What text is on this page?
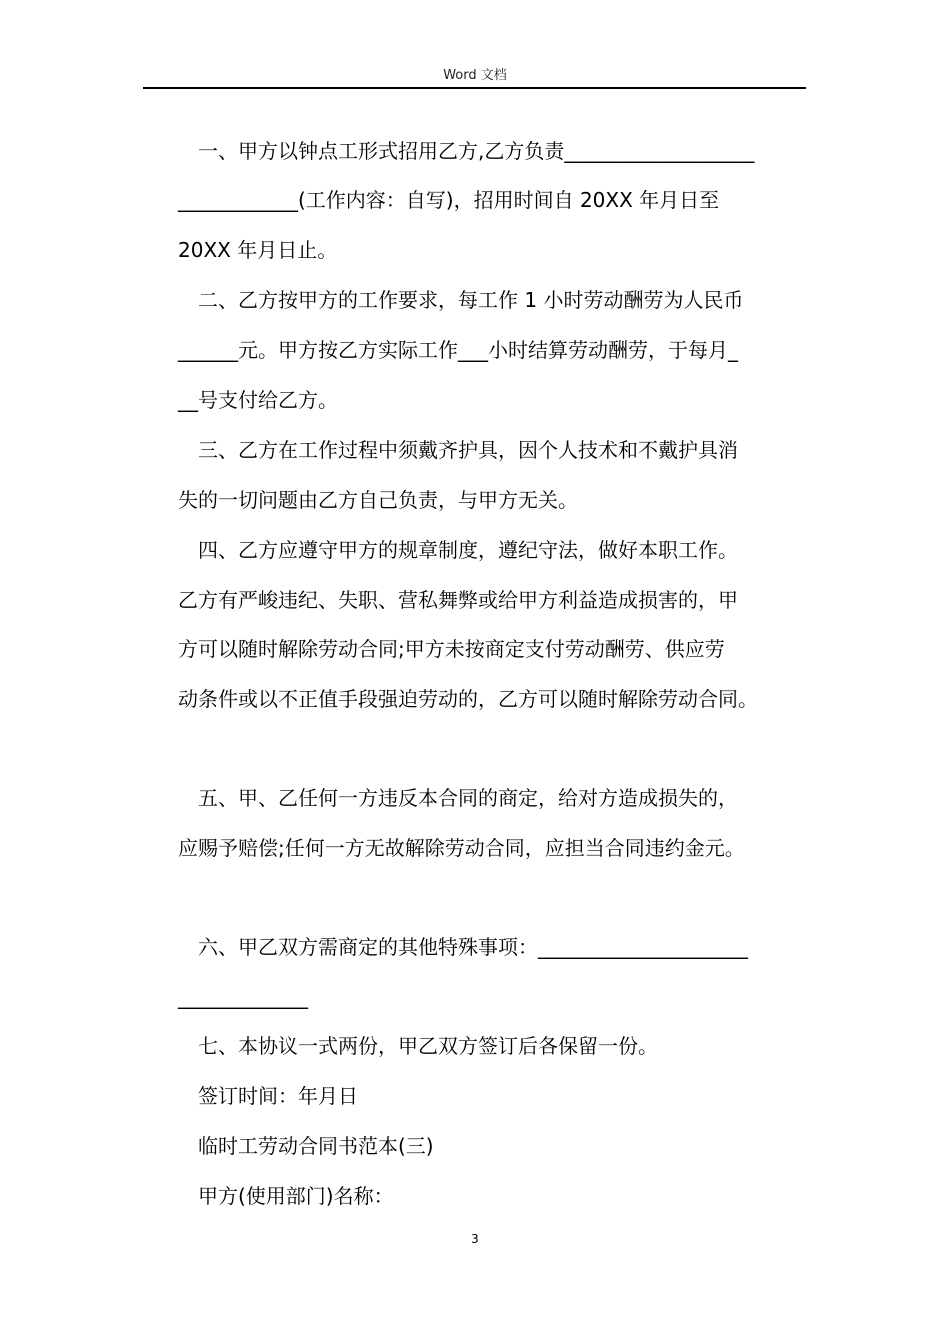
Word 文档
　一、甲方以钟点工形式招用乙方,乙方负责___________________
____________(工作内容：自写)，招用时间自 20XX 年月日至
20XX 年月日止。
　二、乙方按甲方的工作要求，每工作 1 小时劳动酬劳为人民币
______元。甲方按乙方实际工作___小时结算劳动酬劳，于每月_
__号支付给乙方。
　三、乙方在工作过程中须戴齐护具，因个人技术和不戴护具消
失的一切问题由乙方自己负责，与甲方无关。
　四、乙方应遵守甲方的规章制度，遵纪守法，做好本职工作。
乙方有严峻违纪、失职、营私舞弊或给甲方利益造成损害的，甲
方可以随时解除劳动合同;甲方未按商定支付劳动酬劳、供应劳
动条件或以不正值手段强迫劳动的，乙方可以随时解除劳动合同。
　五、甲、乙任何一方违反本合同的商定，给对方造成损失的，
应赐予赔偿;任何一方无故解除劳动合同，应担当合同违约金元。
　六、甲乙双方需商定的其他特殊事项：_____________________
_____________
　七、本协议一式两份，甲乙双方签订后各保留一份。
　签订时间：年月日
　临时工劳动合同书范本(三)
　甲方(使用部门)名称：
3
